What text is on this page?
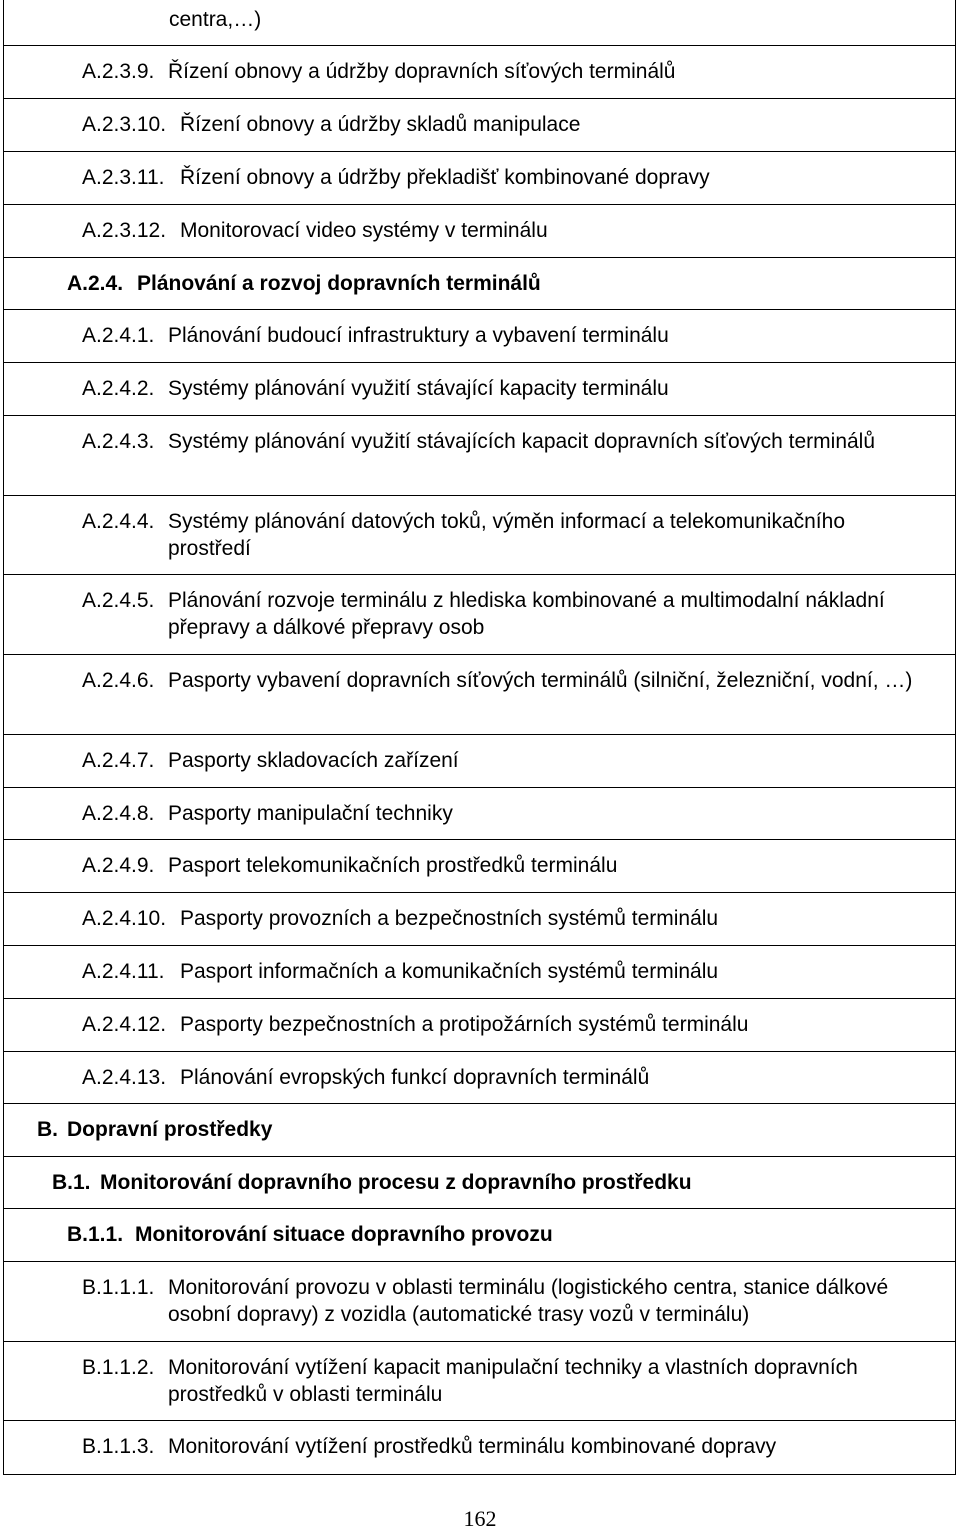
centra,…)
A.2.3.9. Řízení obnovy a údržby dopravních síťových terminálů
A.2.3.10. Řízení obnovy a údržby skladů manipulace
A.2.3.11. Řízení obnovy a údržby překladišť kombinované dopravy
A.2.3.12. Monitorovací video systémy v terminálu
A.2.4. Plánování a rozvoj dopravních terminálů
A.2.4.1. Plánování budoucí infrastruktury a vybavení terminálu
A.2.4.2. Systémy plánování využití stávající kapacity terminálu
A.2.4.3. Systémy plánování využití stávajících kapacit dopravních síťových terminálů
A.2.4.4. Systémy plánování datových toků, výměn informací a telekomunikačního prostředí
A.2.4.5. Plánování rozvoje terminálu z hlediska kombinované a multimodalní nákladní přepravy a dálkové přepravy osob
A.2.4.6. Pasporty vybavení dopravních síťových terminálů (silniční, železniční, vodní, …)
A.2.4.7. Pasporty skladovacích zařízení
A.2.4.8. Pasporty manipulační techniky
A.2.4.9. Pasport telekomunikačních prostředků terminálu
A.2.4.10. Pasporty provozních a bezpečnostních systémů terminálu
A.2.4.11. Pasport informačních a komunikačních systémů terminálu
A.2.4.12. Pasporty bezpečnostních a protipožárních systémů terminálu
A.2.4.13. Plánování evropských funkcí dopravních terminálů
B. Dopravní prostředky
B.1. Monitorování dopravního procesu z dopravního prostředku
B.1.1. Monitorování situace dopravního provozu
B.1.1.1. Monitorování provozu v oblasti terminálu (logistického centra, stanice dálkové osobní dopravy) z vozidla (automatické trasy vozů v terminálu)
B.1.1.2. Monitorování vytížení kapacit manipulační techniky a vlastních dopravních prostředků v oblasti terminálu
B.1.1.3. Monitorování vytížení prostředků terminálu kombinované dopravy
162
